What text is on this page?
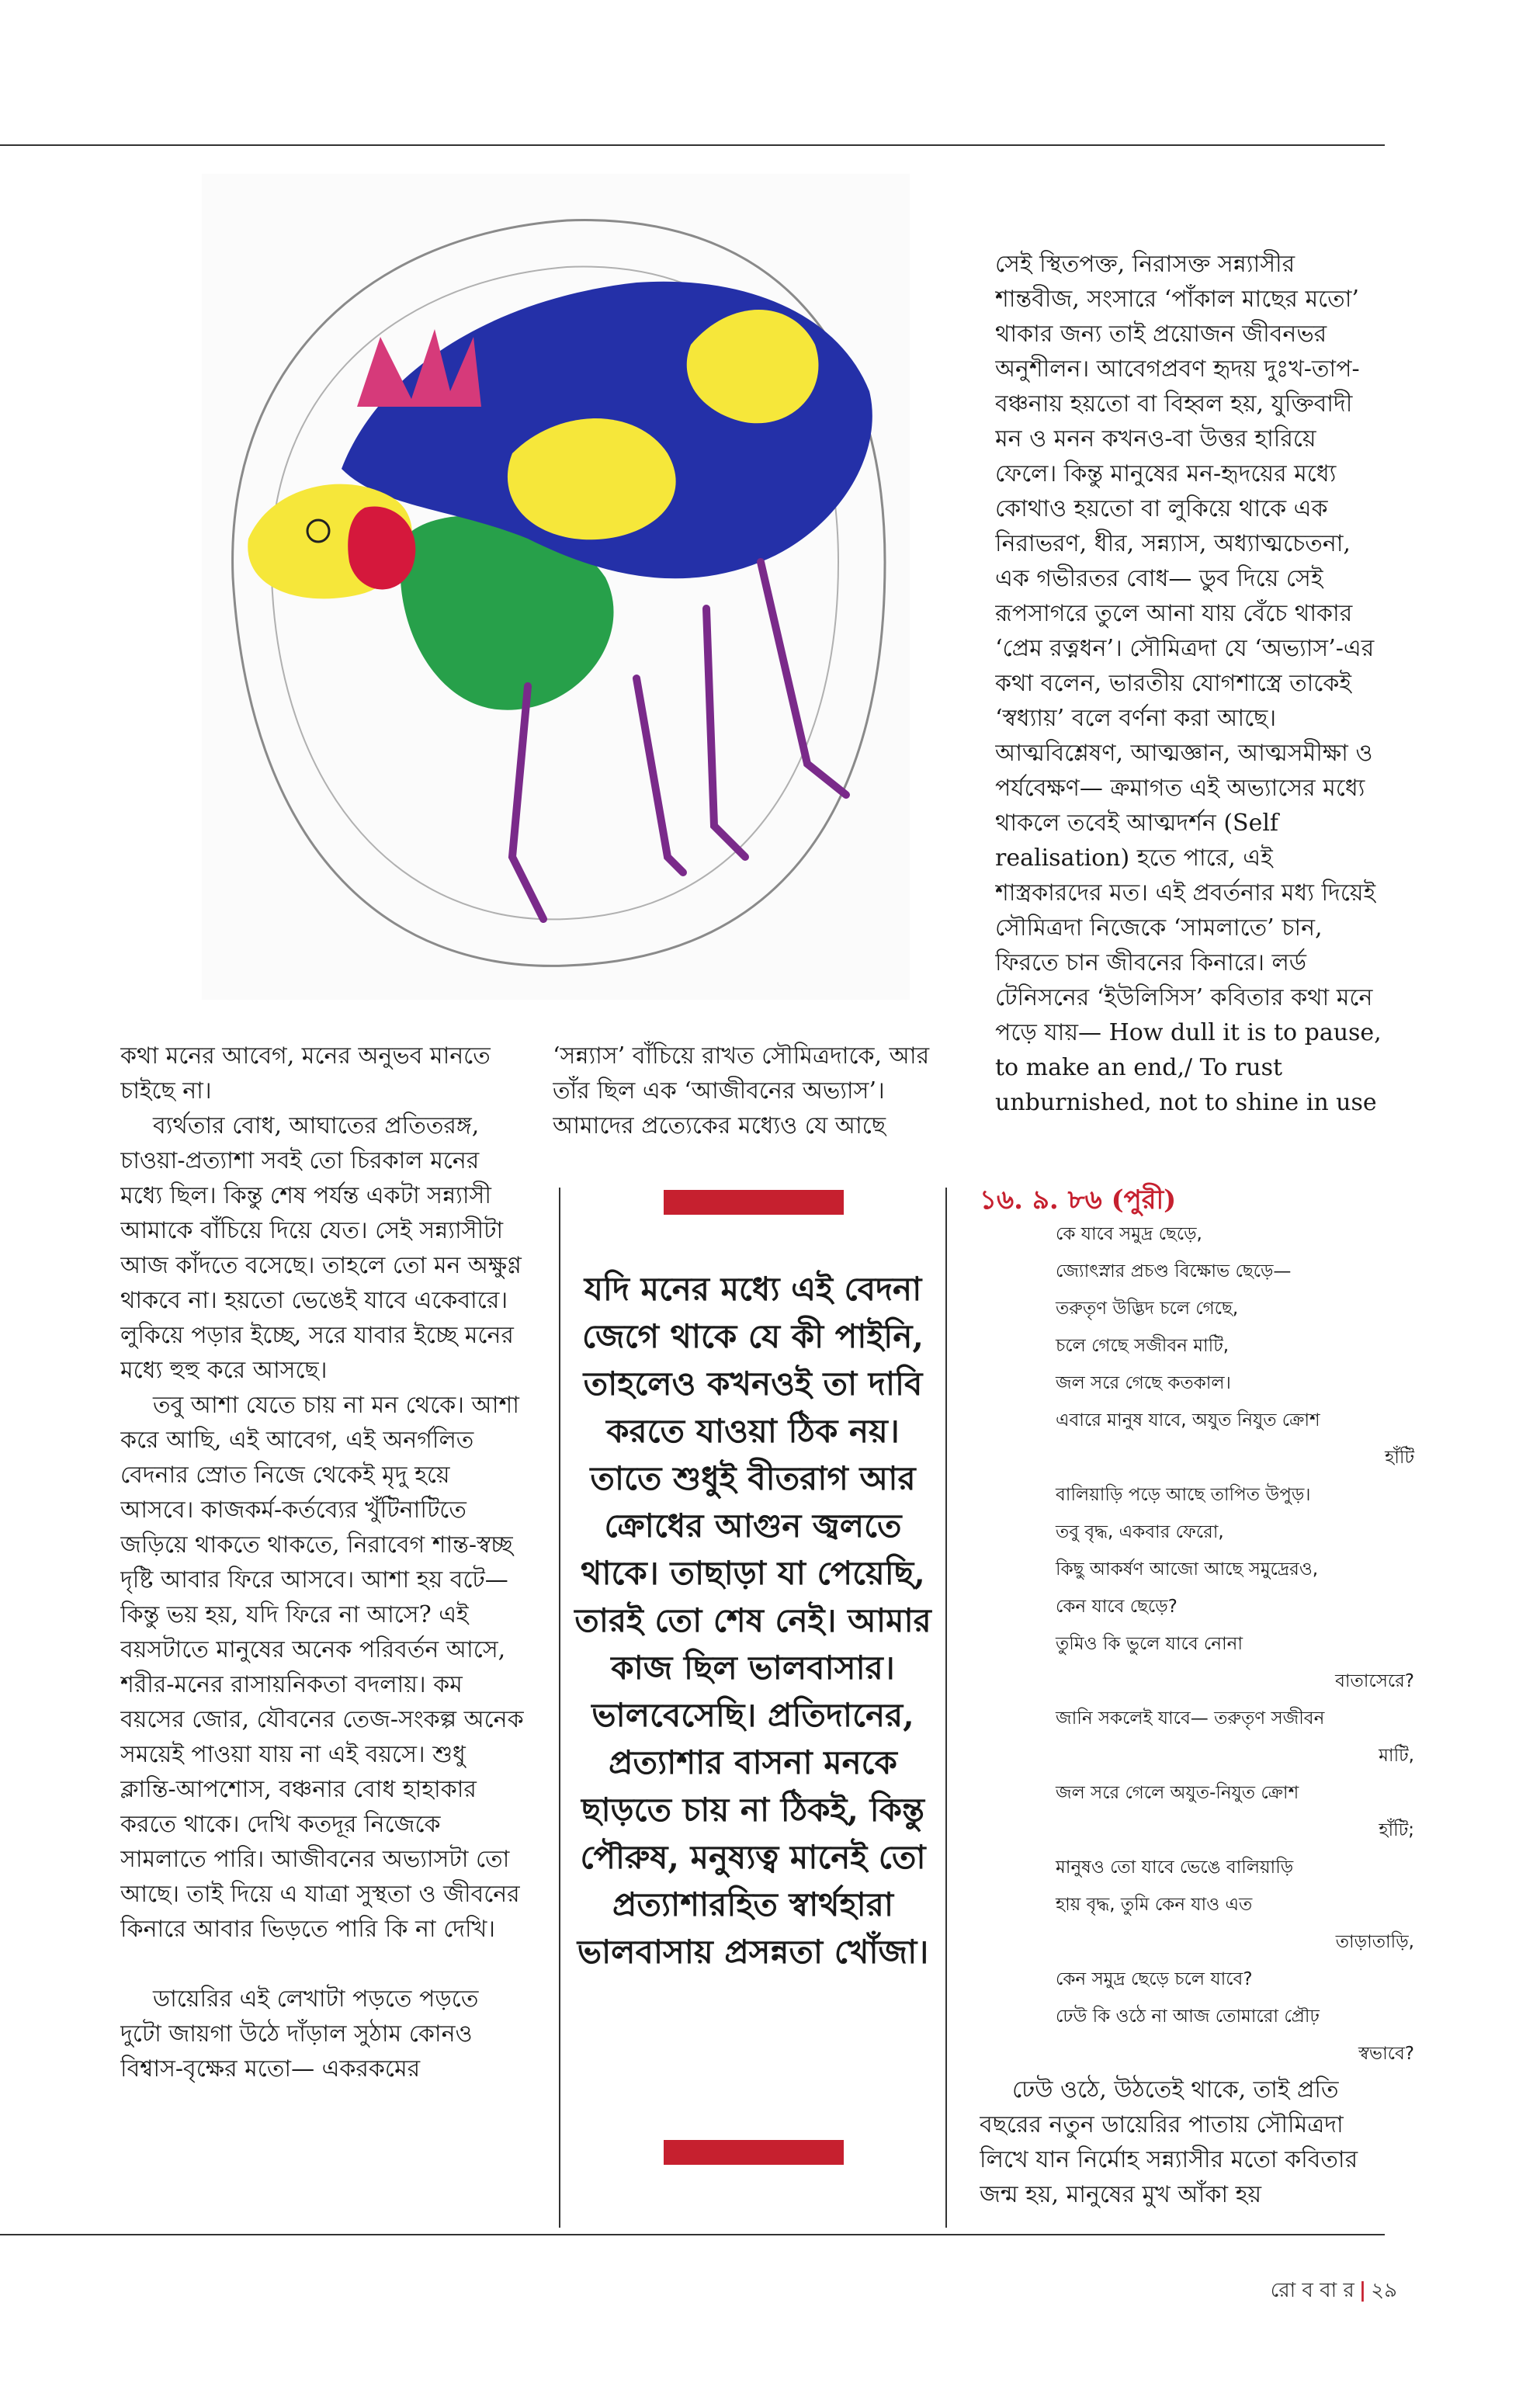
কথা মনের আবেগ, মনের অনুভব মানতে চাইছে না।

ব্যর্থতার বোধ, আঘাতের প্রতিতরঙ্গ, চাওয়া-প্রত্যাশা সবই তো চিরকাল মনের মধ্যে ছিল। কিন্তু শেষ পর্যন্ত একটা সন্ন্যাসী আমাকে বাঁচিয়ে দিয়ে যেত। সেই সন্ন্যাসীটা আজ কাঁদতে বসেছে। তাহলে তো মন অক্ষুণ্ণ থাকবে না। হয়তো ভেঙেই যাবে একেবারে। লুকিয়ে পড়ার ইচ্ছে, সরে যাবার ইচ্ছে মনের মধ্যে হুহু করে আসছে।

তবু আশা যেতে চায় না মন থেকে। আশা করে আছি, এই আবেগ, এই অনর্গলিত বেদনার স্রোত নিজে থেকেই মৃদু হয়ে আসবে। কাজকর্ম-কর্তব্যের খুঁটিনাটিতে জড়িয়ে থাকতে থাকতে, নিরাবেগ শান্ত-স্বচ্ছ দৃষ্টি আবার ফিরে আসবে। আশা হয় বটে— কিন্তু ভয় হয়, যদি ফিরে না আসে? এই বয়সটাতে মানুষের অনেক পরিবর্তন আসে, শরীর-মনের রাসায়নিকতা বদলায়। কম বয়সের জোর, যৌবনের তেজ-সংকল্প অনেক সময়েই পাওয়া যায় না এই বয়সে। শুধু ক্লান্তি-আপশোস, বঞ্চনার বোধ হাহাকার করতে থাকে। দেখি কতদূর নিজেকে সামলাতে পারি। আজীবনের অভ্যাসটা তো আছে। তাই দিয়ে এ যাত্রা সুস্থতা ও জীবনের কিনারে আবার ভিড়তে পারি কি না দেখি।

ডায়েরির এই লেখাটা পড়তে পড়তে দুটো জায়গা উঠে দাঁড়াল সুঠাম কোনও বিশ্বাস-বৃক্ষের মতো— একরকমের

‘সন্ন্যাস’ বাঁচিয়ে রাখত সৌমিত্রদাকে, আর তাঁর ছিল এক ‘আজীবনের অভ্যাস’। আমাদের প্রত্যেকের মধ্যেও যে আছে
যদি মনের মধ্যে এই বেদনা জেগে থাকে যে কী পাইনি, তাহলেও কখনওই তা দাবি করতে যাওয়া ঠিক নয়। তাতে শুধুই বীতরাগ আর ক্রোধের আগুন জ্বলতে থাকে। তাছাড়া যা পেয়েছি, তারই তো শেষ নেই। আমার কাজ ছিল ভালবাসার। ভালবেসেছি। প্রতিদানের, প্রত্যাশার বাসনা মনকে ছাড়তে চায় না ঠিকই, কিন্তু পৌরুষ, মনুষ্যত্ব মানেই তো প্রত্যাশারহিত স্বার্থহারা ভালবাসায় প্রসন্নতা খোঁজা।
সেই স্থিতপক্ত, নিরাসক্ত সন্ন্যাসীর শান্তবীজ, সংসারে ‘পাঁকাল মাছের মতো’ থাকার জন্য তাই প্রয়োজন জীবনভর অনুশীলন। আবেগপ্রবণ হৃদয় দুঃখ-তাপ-বঞ্চনায় হয়তো বা বিহ্বল হয়, যুক্তিবাদী মন ও মনন কখনও-বা উত্তর হারিয়ে ফেলে। কিন্তু মানুষের মন-হৃদয়ের মধ্যে কোথাও হয়তো বা লুকিয়ে থাকে এক নিরাভরণ, ধীর, সন্ন্যাস, অধ্যাত্মচেতনা, এক গভীরতর বোধ— ডুব দিয়ে সেই রূপসাগরে তুলে আনা যায় বেঁচে থাকার ‘প্রেম রত্নধন’। সৌমিত্রদা যে ‘অভ্যাস’-এর কথা বলেন, ভারতীয় যোগশাস্ত্রে তাকেই ‘স্বধ্যায়’ বলে বর্ণনা করা আছে। আত্মবিশ্লেষণ, আত্মজ্ঞান, আত্মসমীক্ষা ও পর্যবেক্ষণ— ক্রমাগত এই অভ্যাসের মধ্যে থাকলে তবেই আত্মদর্শন (Self realisation) হতে পারে, এই শাস্ত্রকারদের মত। এই প্রবর্তনার মধ্য দিয়েই সৌমিত্রদা নিজেকে ‘সামলাতে’ চান, ফিরতে চান জীবনের কিনারে। লর্ড টেনিসনের ‘ইউলিসিস’ কবিতার কথা মনে পড়ে যায়— How dull it is to pause, to make an end,/ To rust unburnished, not to shine in use
১৬. ৯. ৮৬ (পুরী)
কে যাবে সমুদ্র ছেড়ে,
জ্যোৎস্নার প্রচণ্ড বিক্ষোভ ছেড়ে—
তরুতৃণ উদ্ভিদ চলে গেছে,
চলে গেছে সজীবন মাটি,
জল সরে গেছে কতকাল।
এবারে মানুষ যাবে, অযুত নিযুত ক্রোশ
হাঁটি
বালিয়াড়ি পড়ে আছে তাপিত উপুড়।
তবু বৃদ্ধ, একবার ফেরো,
কিছু আকর্ষণ আজো আছে সমুদ্রেরও,
কেন যাবে ছেড়ে?
তুমিও কি ভুলে যাবে নোনা
বাতাসেরে?
জানি সকলেই যাবে— তরুতৃণ সজীবন
মাটি,
জল সরে গেলে অযুত-নিযুত ক্রোশ
হাঁটি;
মানুষও তো যাবে ভেঙে বালিয়াড়ি
হায় বৃদ্ধ, তুমি কেন যাও এত
তাড়াতাড়ি,
কেন সমুদ্র ছেড়ে চলে যাবে?
ঢেউ কি ওঠে না আজ তোমারো প্রৌঢ়
স্বভাবে?

ঢেউ ওঠে, উঠতেই থাকে, তাই প্রতি বছরের নতুন ডায়েরির পাতায় সৌমিত্রদা লিখে যান নির্মোহ সন্ন্যাসীর মতো কবিতার জন্ম হয়, মানুষের মুখ আঁকা হয়

রো ব বা র | ২৯
